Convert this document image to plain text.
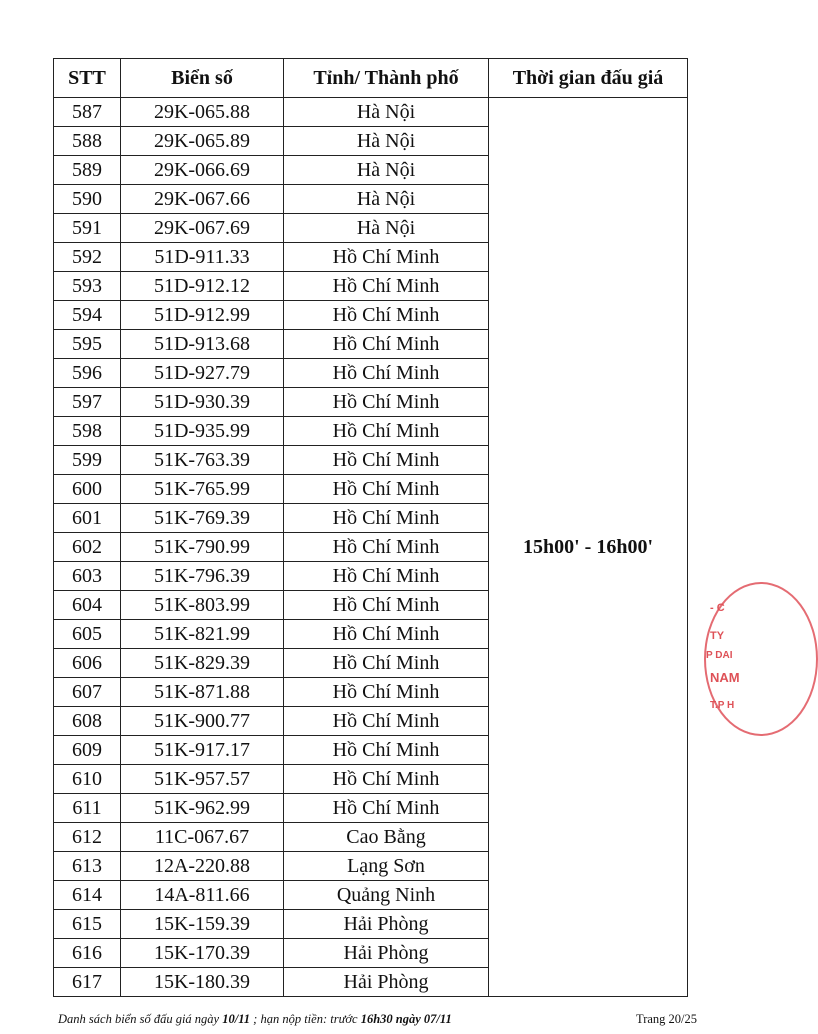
STT	Biển số	Tỉnh/ Thành phố	Thời gian đấu giá
587	29K-065.88	Hà Nội	15h00' - 16h00'
588	29K-065.89	Hà Nội	
589	29K-066.69	Hà Nội	
590	29K-067.66	Hà Nội	
591	29K-067.69	Hà Nội	
592	51D-911.33	Hồ Chí Minh	
593	51D-912.12	Hồ Chí Minh	
594	51D-912.99	Hồ Chí Minh	
595	51D-913.68	Hồ Chí Minh	
596	51D-927.79	Hồ Chí Minh	
597	51D-930.39	Hồ Chí Minh	
598	51D-935.99	Hồ Chí Minh	
599	51K-763.39	Hồ Chí Minh	
600	51K-765.99	Hồ Chí Minh	
601	51K-769.39	Hồ Chí Minh	
602	51K-790.99	Hồ Chí Minh	
603	51K-796.39	Hồ Chí Minh	
604	51K-803.99	Hồ Chí Minh	
605	51K-821.99	Hồ Chí Minh	
606	51K-829.39	Hồ Chí Minh	
607	51K-871.88	Hồ Chí Minh	
608	51K-900.77	Hồ Chí Minh	
609	51K-917.17	Hồ Chí Minh	
610	51K-957.57	Hồ Chí Minh	
611	51K-962.99	Hồ Chí Minh	
612	11C-067.67	Cao Bằng	
613	12A-220.88	Lạng Sơn	
614	14A-811.66	Quảng Ninh	
615	15K-159.39	Hải Phòng	
616	15K-170.39	Hải Phòng	
617	15K-180.39	Hải Phòng	
Danh sách biển số đấu giá ngày 10/11 ; hạn nộp tiền: trước 16h30 ngày 07/11	Trang 20/25
- C
TY
P DAI
NAM
T.P H
